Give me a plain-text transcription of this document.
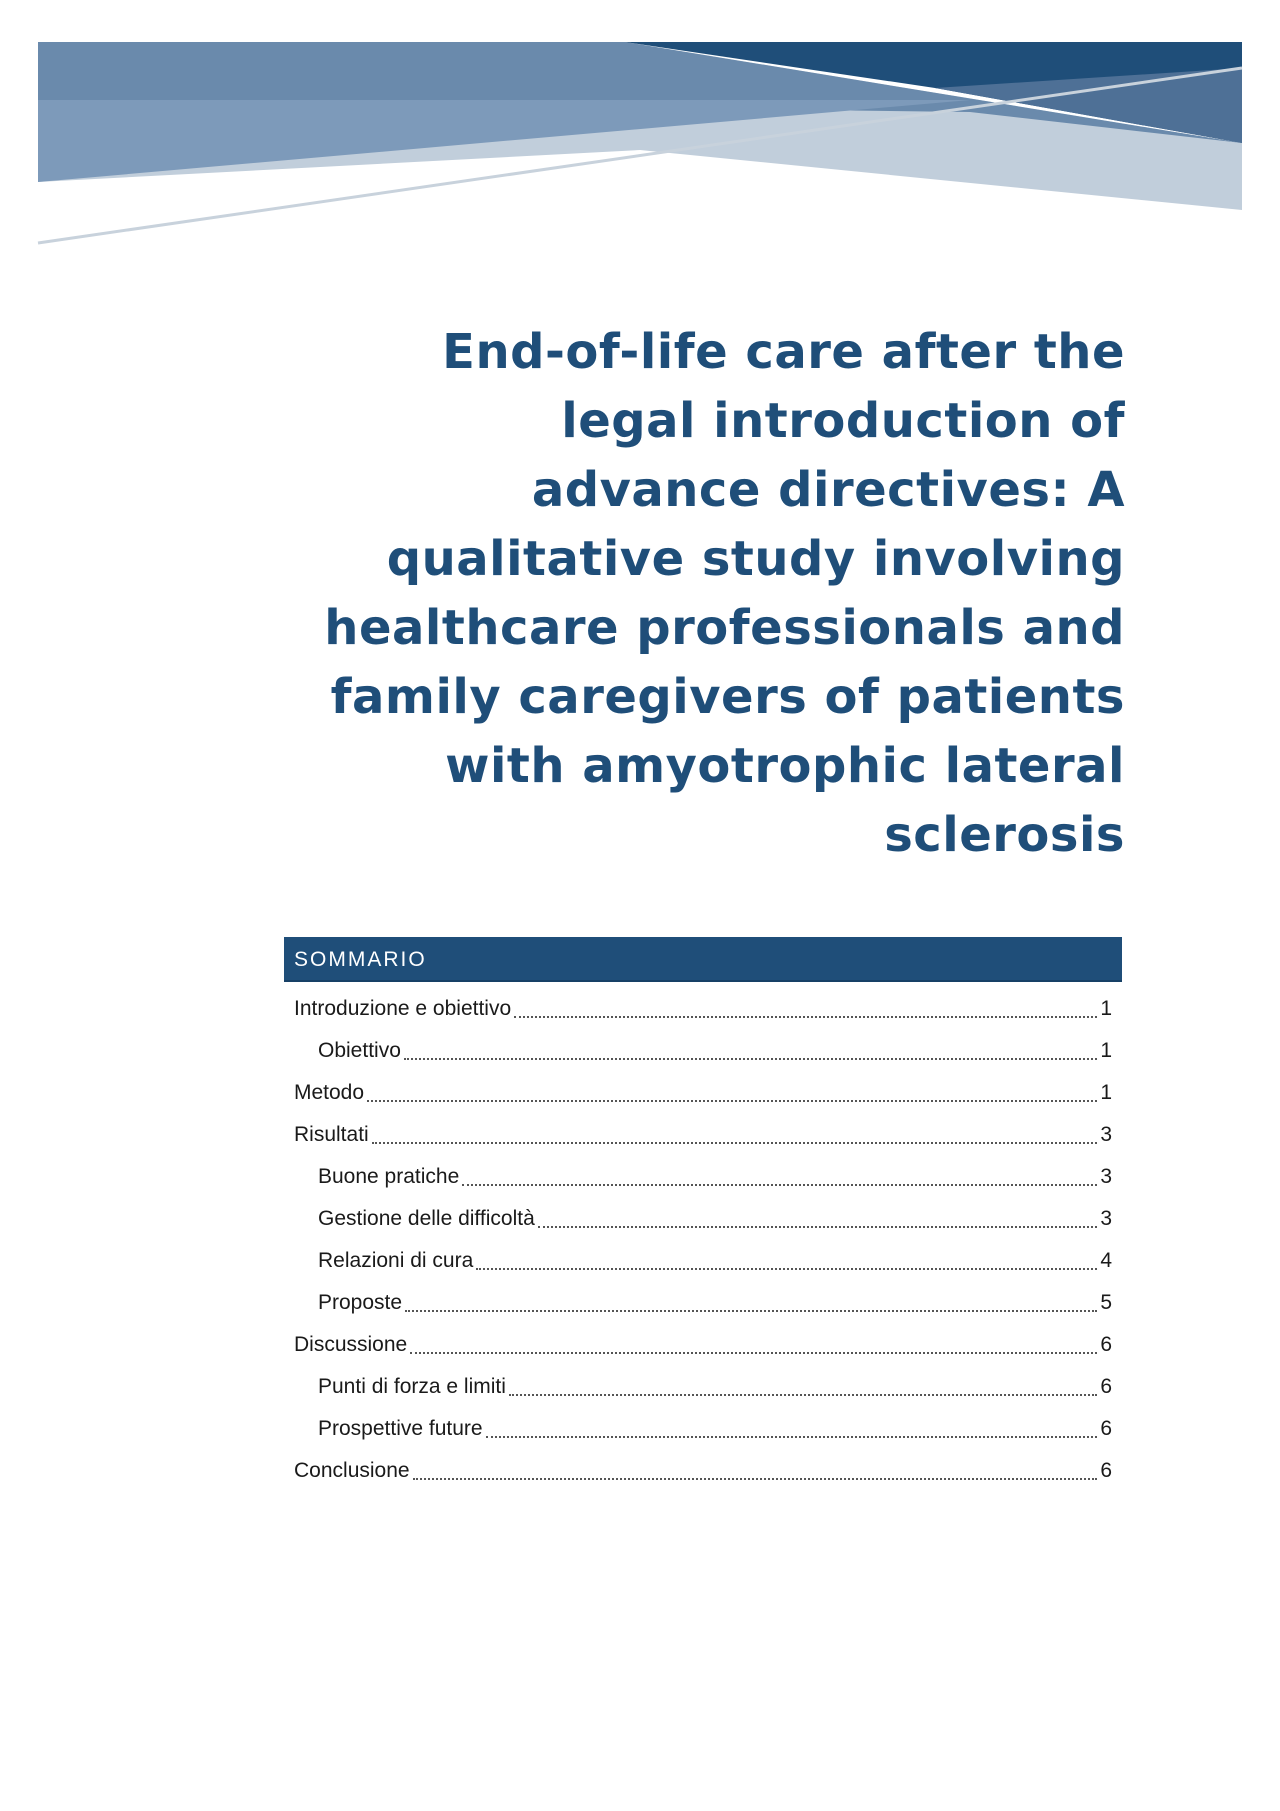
End-of-life care after the
legal introduction of
advance directives: A
qualitative study involving
healthcare professionals and
family caregivers of patients
with amyotrophic lateral
sclerosis
SOMMARIO
Introduzione e obiettivo	1
Obiettivo	1
Metodo	1
Risultati	3
Buone pratiche	3
Gestione delle difficoltà	3
Relazioni di cura	4
Proposte	5
Discussione	6
Punti di forza e limiti	6
Prospettive future	6
Conclusione	6
